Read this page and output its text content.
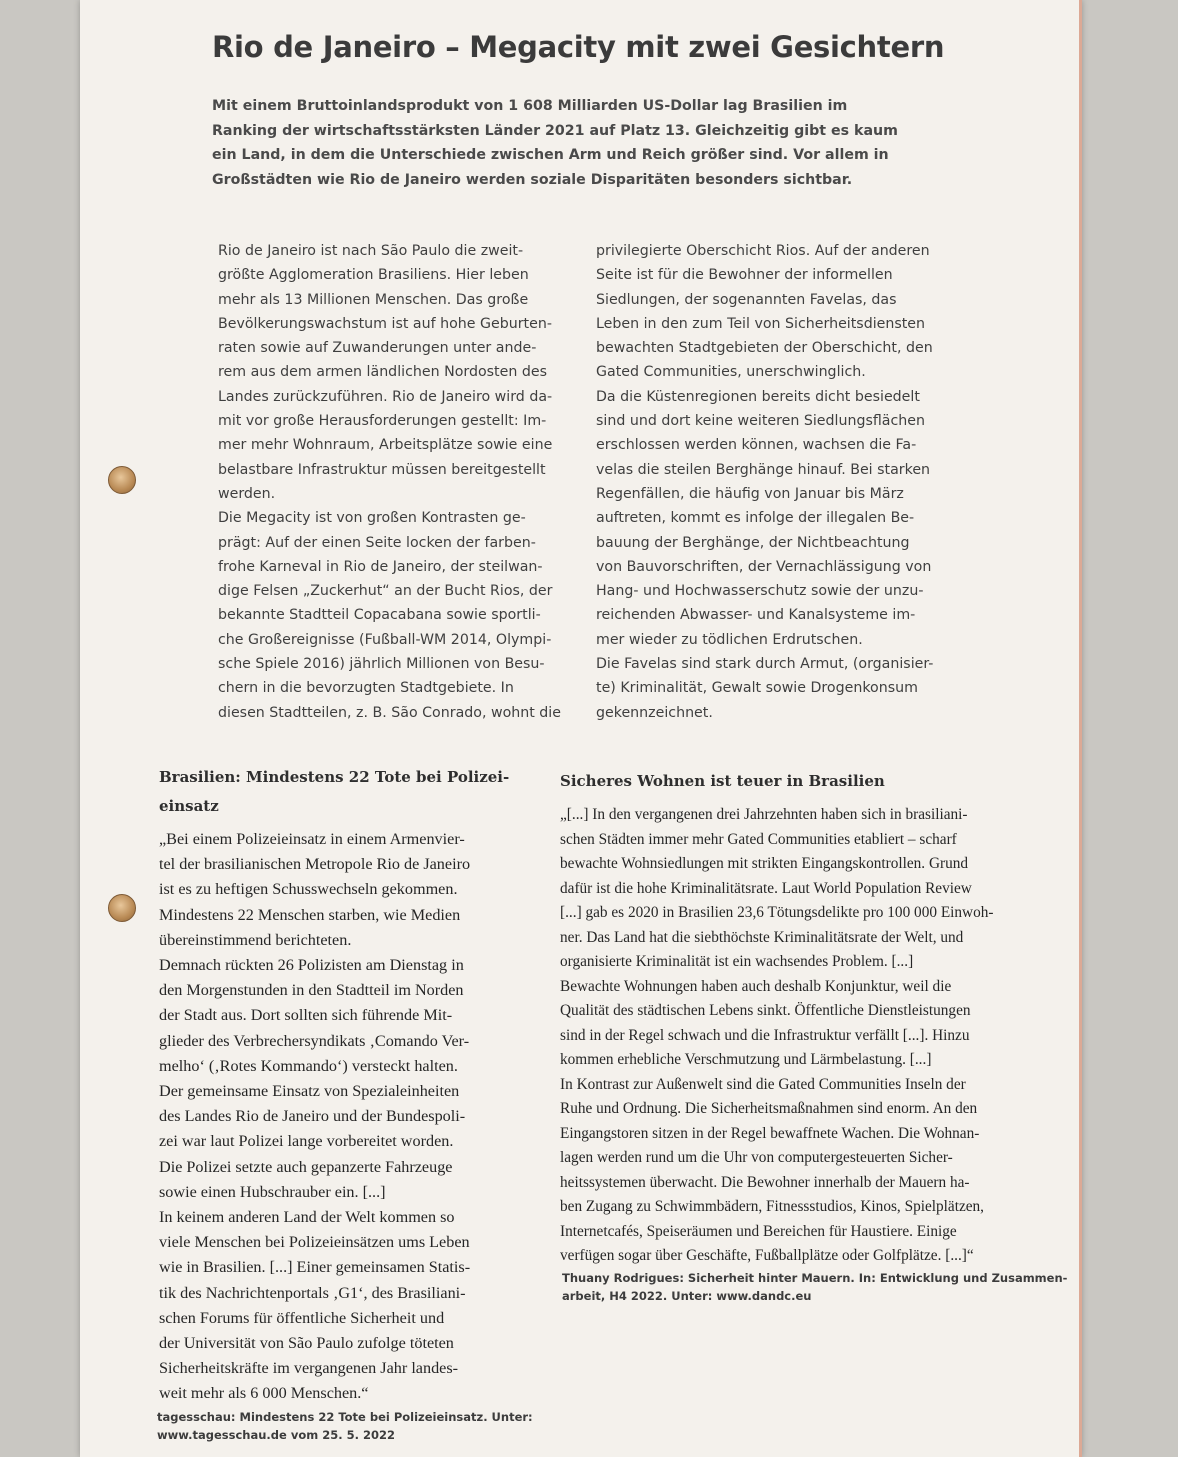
Rio de Janeiro – Megacity mit zwei Gesichtern
Mit einem Bruttoinlandsprodukt von 1 608 Milliarden US-Dollar lag Brasilien im
Ranking der wirtschaftsstärksten Länder 2021 auf Platz 13. Gleichzeitig gibt es kaum
ein Land, in dem die Unterschiede zwischen Arm und Reich größer sind. Vor allem in
Großstädten wie Rio de Janeiro werden soziale Disparitäten besonders sichtbar.
Rio de Janeiro ist nach São Paulo die zweit-
größte Agglomeration Brasiliens. Hier leben
mehr als 13 Millionen Menschen. Das große
Bevölkerungswachstum ist auf hohe Geburten-
raten sowie auf Zuwanderungen unter ande-
rem aus dem armen ländlichen Nordosten des
Landes zurückzuführen. Rio de Janeiro wird da-
mit vor große Herausforderungen gestellt: Im-
mer mehr Wohnraum, Arbeitsplätze sowie eine
belastbare Infrastruktur müssen bereitgestellt
werden.
Die Megacity ist von großen Kontrasten ge-
prägt: Auf der einen Seite locken der farben-
frohe Karneval in Rio de Janeiro, der steilwan-
dige Felsen „Zuckerhut“ an der Bucht Rios, der
bekannte Stadtteil Copacabana sowie sportli-
che Großereignisse (Fußball-WM 2014, Olympi-
sche Spiele 2016) jährlich Millionen von Besu-
chern in die bevorzugten Stadtgebiete. In
diesen Stadtteilen, z. B. São Conrado, wohnt die
privilegierte Oberschicht Rios. Auf der anderen
Seite ist für die Bewohner der informellen
Siedlungen, der sogenannten Favelas, das
Leben in den zum Teil von Sicherheitsdiensten
bewachten Stadtgebieten der Oberschicht, den
Gated Communities, unerschwinglich.
Da die Küstenregionen bereits dicht besiedelt
sind und dort keine weiteren Siedlungsflächen
erschlossen werden können, wachsen die Fa-
velas die steilen Berghänge hinauf. Bei starken
Regenfällen, die häufig von Januar bis März
auftreten, kommt es infolge der illegalen Be-
bauung der Berghänge, der Nichtbeachtung
von Bauvorschriften, der Vernachlässigung von
Hang- und Hochwasserschutz sowie der unzu-
reichenden Abwasser- und Kanalsysteme im-
mer wieder zu tödlichen Erdrutschen.
Die Favelas sind stark durch Armut, (organisier-
te) Kriminalität, Gewalt sowie Drogenkonsum
gekennzeichnet.
Brasilien: Mindestens 22 Tote bei Polizei-
einsatz
„Bei einem Polizeieinsatz in einem Armenvier-
tel der brasilianischen Metropole Rio de Janeiro
ist es zu heftigen Schusswechseln gekommen.
Mindestens 22 Menschen starben, wie Medien
übereinstimmend berichteten.
Demnach rückten 26 Polizisten am Dienstag in
den Morgenstunden in den Stadtteil im Norden
der Stadt aus. Dort sollten sich führende Mit-
glieder des Verbrechersyndikats ‚Comando Ver-
melho‘ (‚Rotes Kommando‘) versteckt halten.
Der gemeinsame Einsatz von Spezialeinheiten
des Landes Rio de Janeiro und der Bundespoli-
zei war laut Polizei lange vorbereitet worden.
Die Polizei setzte auch gepanzerte Fahrzeuge
sowie einen Hubschrauber ein. [...]
In keinem anderen Land der Welt kommen so
viele Menschen bei Polizeieinsätzen ums Leben
wie in Brasilien. [...] Einer gemeinsamen Statis-
tik des Nachrichtenportals ‚G1‘, des Brasiliani-
schen Forums für öffentliche Sicherheit und
der Universität von São Paulo zufolge töteten
Sicherheitskräfte im vergangenen Jahr landes-
weit mehr als 6 000 Menschen.“
tagesschau: Mindestens 22 Tote bei Polizeieinsatz. Unter:
www.tagesschau.de vom 25. 5. 2022
Sicheres Wohnen ist teuer in Brasilien
„[...] In den vergangenen drei Jahrzehnten haben sich in brasiliani-
schen Städten immer mehr Gated Communities etabliert – scharf
bewachte Wohnsiedlungen mit strikten Eingangskontrollen. Grund
dafür ist die hohe Kriminalitätsrate. Laut World Population Review
[...] gab es 2020 in Brasilien 23,6 Tötungsdelikte pro 100 000 Einwoh-
ner. Das Land hat die siebthöchste Kriminalitätsrate der Welt, und
organisierte Kriminalität ist ein wachsendes Problem. [...]
Bewachte Wohnungen haben auch deshalb Konjunktur, weil die
Qualität des städtischen Lebens sinkt. Öffentliche Dienstleistungen
sind in der Regel schwach und die Infrastruktur verfällt [...]. Hinzu
kommen erhebliche Verschmutzung und Lärmbelastung. [...]
In Kontrast zur Außenwelt sind die Gated Communities Inseln der
Ruhe und Ordnung. Die Sicherheitsmaßnahmen sind enorm. An den
Eingangstoren sitzen in der Regel bewaffnete Wachen. Die Wohnan-
lagen werden rund um die Uhr von computergesteuerten Sicher-
heitssystemen überwacht. Die Bewohner innerhalb der Mauern ha-
ben Zugang zu Schwimmbädern, Fitnessstudios, Kinos, Spielplätzen,
Internetcafés, Speiseräumen und Bereichen für Haustiere. Einige
verfügen sogar über Geschäfte, Fußballplätze oder Golfplätze. [...]“
Thuany Rodrigues: Sicherheit hinter Mauern. In: Entwicklung und Zusammen-
arbeit, H4 2022. Unter: www.dandc.eu
